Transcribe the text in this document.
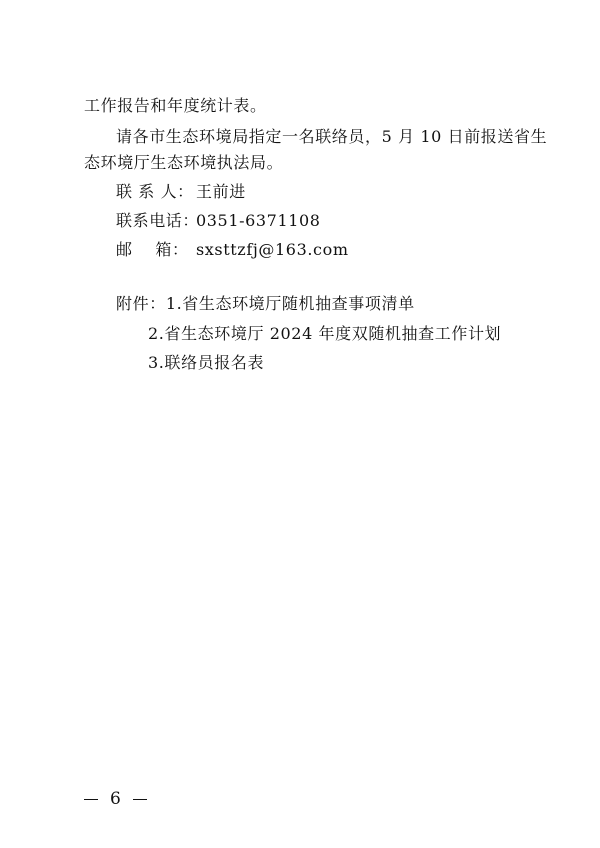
工作报告和年度统计表。
请各市生态环境局指定一名联络员，5 月 10 日前报送省生
态环境厅生态环境执法局。
联 系 人： 王前进
联系电话：
0351-6371108
邮    箱： sxsttzfj@163.com
附件：1.省生态环境厅随机抽查事项清单
2.省生态环境厅 2024 年度双随机抽查工作计划
3.联络员报名表
6
